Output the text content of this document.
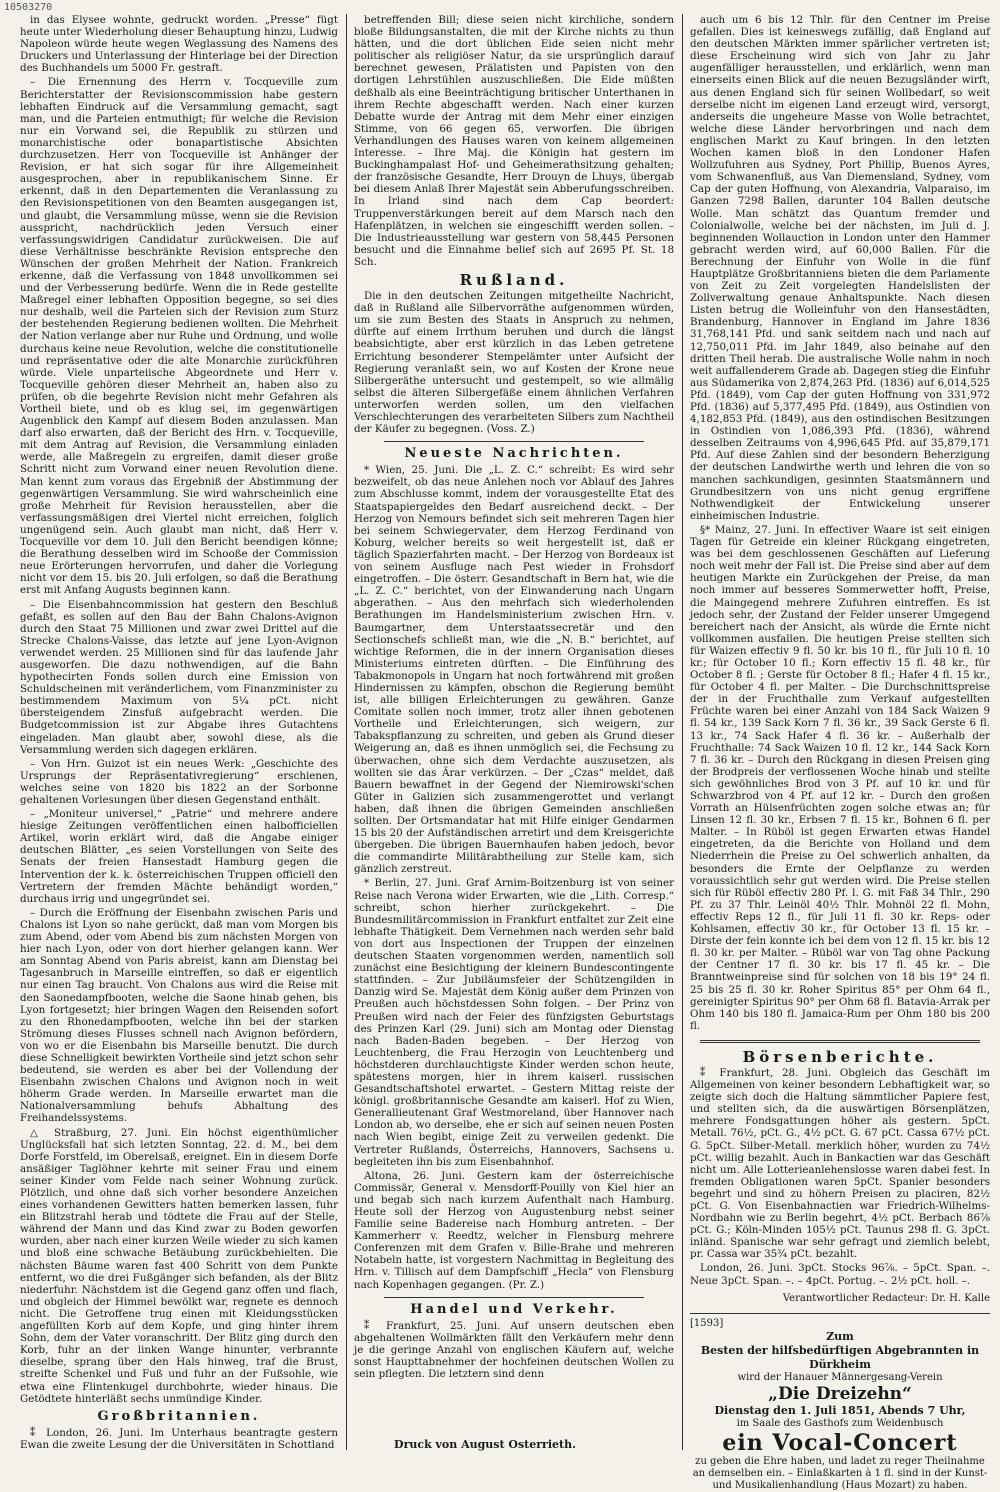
10503270

in das Elysee wohnte, gedruckt worden. „Presse“ fügt heute unter Wiederholung dieser Behauptung hinzu, Ludwig Napoleon würde heute wegen Weglassung des Namens des Druckers und Unterlassung der Hinterlage bei der Direction des Buchhandels um 5000 Fr. gestraft.

– Die Ernennung des Herrn v. Tocqueville zum Berichterstatter der Revisionscommission habe gestern lebhaften Eindruck auf die Versammlung gemacht, sagt man, und die Parteien entmuthigt; für welche die Revision nur ein Vorwand sei, die Republik zu stürzen und monarchistische oder bonapartistische Absichten durchzusetzen. Herr von Tocqueville ist Anhänger der Revision, er hat sich sogar für ihre Allgemeinheit ausgesprochen, aber in republikanischem Sinne. Er erkennt, daß in den Departementen die Veranlassung zu den Revisionspetitionen von den Beamten ausgegangen ist, und glaubt, die Versammlung müsse, wenn sie die Revision ausspricht, nachdrücklich jeden Versuch einer verfassungswidrigen Candidatur zurückweisen. Die auf diese Verhältnisse beschränkte Revision entspreche den Wünschen der großen Mehrheit der Nation. Frankreich erkenne, daß die Verfassung von 1848 unvollkommen sei und der Verbesserung bedürfe. Wenn die in Rede gestellte Maßregel einer lebhaften Opposition begegne, so sei dies nur deshalb, weil die Parteien sich der Revision zum Sturz der bestehenden Regierung bedienen wollten. Die Mehrheit der Nation verlange aber nur Ruhe und Ordnung, und wolle durchaus keine neue Revolution, welche die constitutionelle und repräsentative oder die alte Monarchie zurückführen würde. Viele unparteiische Abgeordnete und Herr v. Tocqueville gehören dieser Mehrheit an, haben also zu prüfen, ob die begehrte Revision nicht mehr Gefahren als Vortheil biete, und ob es klug sei, im gegenwärtigen Augenblick den Kampf auf diesem Boden anzulassen. Man darf also erwarten, daß der Bericht des Hrn. v. Tocqueville, mit dem Antrag auf Revision, die Versammlung einladen werde, alle Maßregeln zu ergreifen, damit dieser große Schritt nicht zum Vorwand einer neuen Revolution diene. Man kennt zum voraus das Ergebniß der Abstimmung der gegenwärtigen Versammlung. Sie wird wahrscheinlich eine große Mehrheit für Revision herausstellen, aber die verfassungsmäßigen drei Viertel nicht erreichen, folglich ungenügend sein. Auch glaubt man nicht, daß Herr v. Tocqueville vor dem 10. Juli den Bericht beendigen könne; die Berathung desselben wird im Schooße der Commission neue Erörterungen hervorrufen, und daher die Vorlegung nicht vor dem 15. bis 20. Juli erfolgen, so daß die Berathung erst mit Anfang Augusts beginnen kann.

– Die Eisenbahncommission hat gestern den Beschluß gefaßt, es sollen auf den Bau der Bahn Chalons-Avignon durch den Staat 75 Millionen und zwar zwei Drittel auf die Strecke Chalons-Vaisse, das letzte auf jene Lyon-Avignon verwendet werden. 25 Millionen sind für das laufende Jahr ausgeworfen. Die dazu nothwendigen, auf die Bahn hypothecirten Fonds sollen durch eine Emission von Schuldscheinen mit veränderlichem, vom Finanzminister zu bestimmendem Maximum von 5¼ pCt. nicht übersteigendem Zinsfuß aufgebracht werden. Die Budgetcommission ist zur Abgabe ihres Gutachtens eingeladen. Man glaubt aber, sowohl diese, als die Versammlung werden sich dagegen erklären.

– Von Hrn. Guizot ist ein neues Werk: „Geschichte des Ursprungs der Repräsentativregierung“ erschienen, welches seine von 1820 bis 1822 an der Sorbonne gehaltenen Vorlesungen über diesen Gegenstand enthält.

– „Moniteur universel,“ „Patrie“ und mehrere andere hiesige Zeitungen veröffentlichen einen halbofficiellen Artikel, worin erklärt wird, daß die Angabe einiger deutschen Blätter, „es seien Vorstellungen von Seite des Senats der freien Hansestadt Hamburg gegen die Intervention der k. k. österreichischen Truppen officiell den Vertretern der fremden Mächte behändigt worden,“ durchaus irrig und ungegründet sei.

– Durch die Eröffnung der Eisenbahn zwischen Paris und Chalons ist Lyon so nahe gerückt, daß man vom Morgen bis zum Abend, oder vom Abend bis zum nächsten Morgen von hier nach Lyon, oder von dort hierher gelangen kann. Wer am Sonntag Abend von Paris abreist, kann am Dienstag bei Tagesanbruch in Marseille eintreffen, so daß er eigentlich nur einen Tag braucht. Von Chalons aus wird die Reise mit den Saonedampfbooten, welche die Saone hinab gehen, bis Lyon fortgesetzt; hier bringen Wagen den Reisenden sofort zu den Rhonedampfbooten, welche ihn bei der starken Strömung dieses Flusses schnell nach Avignon befördern, von wo er die Eisenbahn bis Marseille benutzt. Die durch diese Schnelligkeit bewirkten Vortheile sind jetzt schon sehr bedeutend, sie werden es aber bei der Vollendung der Eisenbahn zwischen Chalons und Avignon noch in weit höherm Grade werden. In Marseille erwartet man die Nationalversammlung behufs Abhaltung des Freihandelssystems.

△ Straßburg, 27. Juni. Ein höchst eigenthümlicher Unglücksfall hat sich letzten Sonntag, 22. d. M., bei dem Dorfe Forstfeld, im Oberelsaß, ereignet. Ein in diesem Dorfe ansäßiger Taglöhner kehrte mit seiner Frau und einem seiner Kinder vom Felde nach seiner Wohnung zurück. Plötzlich, und ohne daß sich vorher besondere Anzeichen eines vorhandenen Gewitters hatten bemerken lassen, fuhr ein Blitzstrahl herab und tödtete die Frau auf der Stelle, während der Mann und das Kind zwar zu Boden geworfen wurden, aber nach einer kurzen Weile wieder zu sich kamen und bloß eine schwache Betäubung zurückbehielten. Die nächsten Bäume waren fast 400 Schritt von dem Punkte entfernt, wo die drei Fußgänger sich befanden, als der Blitz niederfuhr. Nächstdem ist die Gegend ganz offen und flach, und obgleich der Himmel bewölkt war, regnete es dennoch nicht. Die Getroffene trug einen mit Kleidungsstücken angefüllten Korb auf dem Kopfe, und ging hinter ihrem Sohn, dem der Vater voranschritt. Der Blitz ging durch den Korb, fuhr an der linken Wange hinunter, verbrannte dieselbe, sprang über den Hals hinweg, traf die Brust, streifte Schenkel und Fuß und fuhr an der Fußsohle, wie etwa eine Flintenkugel durchbohrte, wieder hinaus. Die Getödtete hinterläßt sechs unmündige Kinder.

Großbritannien.

⁑ London, 26. Juni. Im Unterhaus beantragte gestern Ewan die zweite Lesung der die Universitäten in Schottland

betreffenden Bill; diese seien nicht kirchliche, sondern bloße Bildungsanstalten, die mit der Kirche nichts zu thun hätten, und die dort üblichen Eide seien nicht mehr politischer als religiöser Natur, da sie ursprünglich darauf berechnet gewesen, Prälatisten und Papisten von den dortigen Lehrstühlen auszuschließen. Die Eide müßten deßhalb als eine Beeinträchtigung britischer Unterthanen in ihrem Rechte abgeschafft werden. Nach einer kurzen Debatte wurde der Antrag mit dem Mehr einer einzigen Stimme, von 66 gegen 65, verworfen. Die übrigen Verhandlungen des Hauses waren von keinem allgemeinen Interesse. – Ihre Maj. die Königin hat gestern im Buckinghampalast Hof- und Geheimerathsitzung gehalten; der französische Gesandte, Herr Drouyn de Lhuys, übergab bei diesem Anlaß Ihrer Majestät sein Abberufungsschreiben. In Irland sind nach dem Cap beordert: Truppenverstärkungen bereit auf dem Marsch nach den Hafenplätzen, in welchen sie eingeschifft werden sollen. – Die Industrieausstellung war gestern von 58,445 Personen besucht und die Einnahme belief sich auf 2695 Pf. St. 18 Sch.

Rußland.

Die in den deutschen Zeitungen mitgetheilte Nachricht, daß in Rußland alle Silbervorräthe aufgenommen würden, um sie zum Besten des Staats in Anspruch zu nehmen, dürfte auf einem Irrthum beruhen und durch die längst beabsichtigte, aber erst kürzlich in das Leben getretene Errichtung besonderer Stempelämter unter Aufsicht der Regierung veranlaßt sein, wo auf Kosten der Krone neue Silbergeräthe untersucht und gestempelt, so wie allmälig selbst die älteren Silbergefäße einem ähnlichen Verfahren unterworfen werden sollen, um den vielfachen Verschlechterungen des verarbeiteten Silbers zum Nachtheil der Käufer zu begegnen. (Voss. Z.)

Neueste Nachrichten.

* Wien, 25. Juni. Die „L. Z. C.“ schreibt: Es wird sehr bezweifelt, ob das neue Anlehen noch vor Ablauf des Jahres zum Abschlusse kommt, indem der vorausgestellte Etat des Staatspapiergeldes den Bedarf ausreichend deckt. – Der Herzog von Nemours befindet sich seit mehreren Tagen hier bei seinem Schwiegervater, dem Herzog Ferdinand von Koburg, welcher bereits so weit hergestellt ist, daß er täglich Spazierfahrten macht. – Der Herzog von Bordeaux ist von seinem Ausfluge nach Pest wieder in Frohsdorf eingetroffen. – Die österr. Gesandtschaft in Bern hat, wie die „L. Z. C.“ berichtet, von der Einwanderung nach Ungarn abgerathen. – Aus den mehrfach sich wiederholenden Berathungen im Handelsministerium zwischen Hrn. v. Baumgartner, dem Unterstaatssecretär und den Sectionschefs schließt man, wie die „N. B.“ berichtet, auf wichtige Reformen, die in der innern Organisation dieses Ministeriums eintreten dürften. – Die Einführung des Tabakmonopols in Ungarn hat noch fortwährend mit großen Hindernissen zu kämpfen, obschon die Regierung bemüht ist, alle billigen Erleichterungen zu gewähren. Ganze Comitate sollen noch immer, trotz aller ihnen gebotenen Vortheile und Erleichterungen, sich weigern, zur Tabakspflanzung zu schreiten, und geben als Grund dieser Weigerung an, daß es ihnen unmöglich sei, die Fechsung zu überwachen, ohne sich dem Verdachte auszusetzen, als wollten sie das Ärar verkürzen. – Der „Czas“ meldet, daß Bauern bewaffnet in der Gegend der Niemirowski'schen Güter in Galizien sich zusammengerottet und verlangt haben, daß ihnen die übrigen Gemeinden anschließen sollten. Der Ortsmandatar hat mit Hilfe einiger Gendarmen 15 bis 20 der Aufständischen arretirt und dem Kreisgerichte übergeben. Die übrigen Bauernhaufen haben jedoch, bevor die commandirte Militärabtheilung zur Stelle kam, sich gänzlich zerstreut.

* Berlin, 27. Juni. Graf Arnim-Boitzenburg ist von seiner Reise nach Verona wider Erwarten, wie die „Lith. Corresp.“ schreibt, schon hierher zurückgekehrt. – Die Bundesmilitärcommission in Frankfurt entfaltet zur Zeit eine lebhafte Thätigkeit. Dem Vernehmen nach werden sehr bald von dort aus Inspectionen der Truppen der einzelnen deutschen Staaten vorgenommen werden, namentlich soll zunächst eine Besichtigung der kleinern Bundescontingente stattfinden. – Zur Jubiläumsfeier der Schützengilden in Danzig wird Se. Majestät dem König außer dem Prinzen von Preußen auch höchstdessen Sohn folgen. – Der Prinz von Preußen wird nach der Feier des fünfzigsten Geburtstags des Prinzen Karl (29. Juni) sich am Montag oder Dienstag nach Baden-Baden begeben. – Der Herzog von Leuchtenberg, die Frau Herzogin von Leuchtenberg und höchstderen durchlauchtigste Kinder werden schon heute, spätestens morgen, hier in ihrem kaiserl. russischen Gesandtschaftshotel erwartet. – Gestern Mittag reiste der königl. großbritannische Gesandte am kaiserl. Hof zu Wien, Generallieutenant Graf Westmoreland, über Hannover nach London ab, wo derselbe, ehe er sich auf seinen neuen Posten nach Wien begibt, einige Zeit zu verweilen gedenkt. Die Vertreter Rußlands, Österreichs, Hannovers, Sachsens u. begleiteten ihn bis zum Eisenbahnhof.

Altona, 26. Juni. Gestern kam der österreichische Commissär, General v. Mensdorff-Pouilly von Kiel hier an und begab sich nach kurzem Aufenthalt nach Hamburg. Heute soll der Herzog von Augustenburg nebst seiner Familie seine Badereise nach Homburg antreten. – Der Kammerherr v. Reedtz, welcher in Flensburg mehrere Conferenzen mit dem Grafen v. Bille-Brahe und mehreren Notabeln hatte, ist vorgestern Nachmittag in Begleitung des Hrn. v. Tillisch auf dem Dampfschiff „Hecla“ von Flensburg nach Kopenhagen gegangen. (Pr. Z.)

Handel und Verkehr.

⁑ Frankfurt, 25. Juni. Auf unsern deutschen eben abgehaltenen Wollmärkten fällt den Verkäufern mehr denn je die geringe Anzahl von englischen Käufern auf, welche sonst Haupttabnehmer der hochfeinen deutschen Wollen zu sein pflegten. Die letztern sind denn

auch um 6 bis 12 Thlr. für den Centner im Preise gefallen. Dies ist keineswegs zufällig, daß England auf den deutschen Märkten immer spärlicher vertreten ist; diese Erscheinung wird sich von Jahr zu Jahr augenfälliger herausstellen, und erklärlich, wenn man einerseits einen Blick auf die neuen Bezugsländer wirft, aus denen England sich für seinen Wollbedarf, so weit derselbe nicht im eigenen Land erzeugt wird, versorgt, anderseits die ungeheure Masse von Wolle betrachtet, welche diese Länder hervorbringen und nach dem englischen Markt zu Kauf bringen. In den letzten Wochen kamen bloß in den Londoner Hafen Wollzufuhren aus Sydney, Port Phillip, Buenos Ayres, vom Schwanenfluß, aus Van Diemensland, Sydney, vom Cap der guten Hoffnung, von Alexandria, Valparaiso, im Ganzen 7298 Ballen, darunter 104 Ballen deutsche Wolle. Man schätzt das Quantum fremder und Colonialwolle, welche bei der nächsten, im Juli d. J. beginnenden Wollauction in London unter den Hammer gebracht werden wird, auf 60,000 Ballen. Für die Berechnung der Einfuhr von Wolle in die fünf Hauptplätze Großbritanniens bieten die dem Parlamente von Zeit zu Zeit vorgelegten Handelslisten der Zollverwaltung genaue Anhaltspunkte. Nach diesen Listen betrug die Wolleinfuhr von den Hansestädten, Brandenburg, Hannover in England im Jahre 1836 31,768,141 Pfd. und sank seitdem nach und nach auf 12,750,011 Pfd. im Jahr 1849, also beinahe auf den dritten Theil herab. Die australische Wolle nahm in noch weit auffallenderem Grade ab. Dagegen stieg die Einfuhr aus Südamerika von 2,874,263 Pfd. (1836) auf 6,014,525 Pfd. (1849), vom Cap der guten Hoffnung von 331,972 Pfd. (1836) auf 5,377,495 Pfd. (1849), aus Ostindien von 4,182,853 Pfd. (1849), aus den ostindischen Besitzungen in Ostindien von 1,086,393 Pfd. (1836), während desselben Zeitraums von 4,996,645 Pfd. auf 35,879,171 Pfd. Auf diese Zahlen sind der besondern Beherzigung der deutschen Landwirthe werth und lehren die von so manchen sachkundigen, gesinnten Staatsmännern und Grundbesitzern von uns nicht genug ergriffene Nothwendigkeit der Entwickelung unserer einheimischen Industrie.

§* Mainz, 27. Juni. In effectiver Waare ist seit einigen Tagen für Getreide ein kleiner Rückgang eingetreten, was bei dem geschlossenen Geschäften auf Lieferung noch weit mehr der Fall ist. Die Preise sind aber auf dem heutigen Markte ein Zurückgehen der Preise, da man noch immer auf besseres Sommerwetter hofft, Preise, die Maingegend mehrere Zufuhren eintreffen. Es ist jedoch sehr, der Zustand der Felder unserer Umgegend bereichert nach der Ansicht, als würde die Ernte nicht vollkommen ausfallen. Die heutigen Preise stellten sich für Waizen effectiv 9 fl. 50 kr. bis 10 fl., für Juli 10 fl. 10 kr.; für October 10 fl.; Korn effectiv 15 fl. 48 kr., für October 8 fl. ; Gerste für October 8 fl.; Hafer 4 fl. 15 kr., für October 4 fl. per Malter. – Die Durchschnittspreise der in der Fruchthalle zum Verkauf aufgestellten Früchte waren bei einer Anzahl von 184 Sack Waizen 9 fl. 54 kr., 139 Sack Korn 7 fl. 36 kr., 39 Sack Gerste 6 fl. 13 kr., 74 Sack Hafer 4 fl. 36 kr. – Außerhalb der Fruchthalle: 74 Sack Waizen 10 fl. 12 kr., 144 Sack Korn 7 fl. 36 kr. – Durch den Rückgang in diesen Preisen ging der Brodpreis der verflossenen Woche hinab und stellte sich gewöhnliches Brod von 3 Pf. auf 10 kr. und für Schwarzbrod von 4 Pf. auf 12 kr. – Durch den großen Vorrath an Hülsenfrüchten zogen solche etwas an; für Linsen 12 fl. 30 kr., Erbsen 7 fl. 15 kr., Bohnen 6 fl. per Malter. – In Rüböl ist gegen Erwarten etwas Handel eingetreten, da die Berichte von Holland und dem Niederrhein die Preise zu Oel schwerlich anhalten, da besonders die Ernte der Oelpflanze zu werden voraussichtlich sehr gut werden wird. Die Preise stellen sich für Rüböl effectiv 280 Pf. l. G. mit Faß 34 Thlr., 290 Pf. zu 37 Thlr. Leinöl 40½ Thlr. Mohnöl 22 fl. Mohn, effectiv Reps 12 fl., für Juli 11 fl. 30 kr. Reps- oder Kohlsamen, effectiv 30 kr., für October 13 fl. 15 kr. – Dirste der fein konnte ich bei dem von 12 fl. 15 kr. bis 12 fl. 30 kr. per Malter. – Rüböl war von Tag ohne Packung der Centner 17 fl. 30 kr. bis 17 fl. 45 kr. – Die Branntweinpreise sind für solchen von 18 bis 19° 24 fl. 25 bis 25 fl. 30 kr. Roher Spiritus 85° per Ohm 64 fl., gereinigter Spiritus 90° per Ohm 68 fl. Batavia-Arrak per Ohm 140 bis 180 fl. Jamaica-Rum per Ohm 180 bis 200 fl.

Börsenberichte.

⁑ Frankfurt, 28. Juni. Obgleich das Geschäft im Allgemeinen von keiner besondern Lebhaftigkeit war, so zeigte sich doch die Haltung sämmtlicher Papiere fest, und stellten sich, da die auswärtigen Börsenplätzen, mehrere Fondsgattungen höher als gestern. 5pCt. Metall. 76½, pCt. G., 4½ pCt. G. 67 pCt. Cassa 67½ pCt. G. 5pCt. Silber-Metall. merklich höher, wurden zu 74½ pCt. willig bezahlt. Auch in Bankactien war das Geschäft nicht um. Alle Lotterieanlehenslosse waren dabei fest. In fremden Obligationen waren 5pCt. Spanier besonders begehrt und sind zu höhern Preisen zu placiren, 82½ pCt. G. Von Eisenbahnactien war Friedrich-Wilhelms-Nordbahn wie zu Berlin begehrt, 4½ pCt. Berbach 86⅞ pCt. G.; Köln-Minden 105½ pCt. Taunus 298 fl. G. 3pCt. inländ. Spanische war sehr gefragt und ziemlich belebt, pr. Cassa war 35¾ pCt. bezahlt.

London, 26. Juni. 3pCt. Stocks 96⅞. – 5pCt. Span. –. Neue 3pCt. Span. –. – 4pCt. Portug. –. 2½ pCt. holl. –.

Verantwortlicher Redacteur: Dr. H. Kalle
[1593]
Zum
Besten der hilfsbedürftigen Abgebrannten in Dürkheim
wird der Hanauer Männergesang-Verein
„Die Dreizehn“
Dienstag den 1. Juli 1851, Abends 7 Uhr,
im Saale des Gasthofs zum Weidenbusch
ein Vocal-Concert
zu geben die Ehre haben, und ladet zu reger Theilnahme an demselben ein. – Einlaßkarten à 1 fl. sind in der Kunst- und Musikalienhandlung (Haus Mozart) zu haben.
Druck von August Osterrieth.
